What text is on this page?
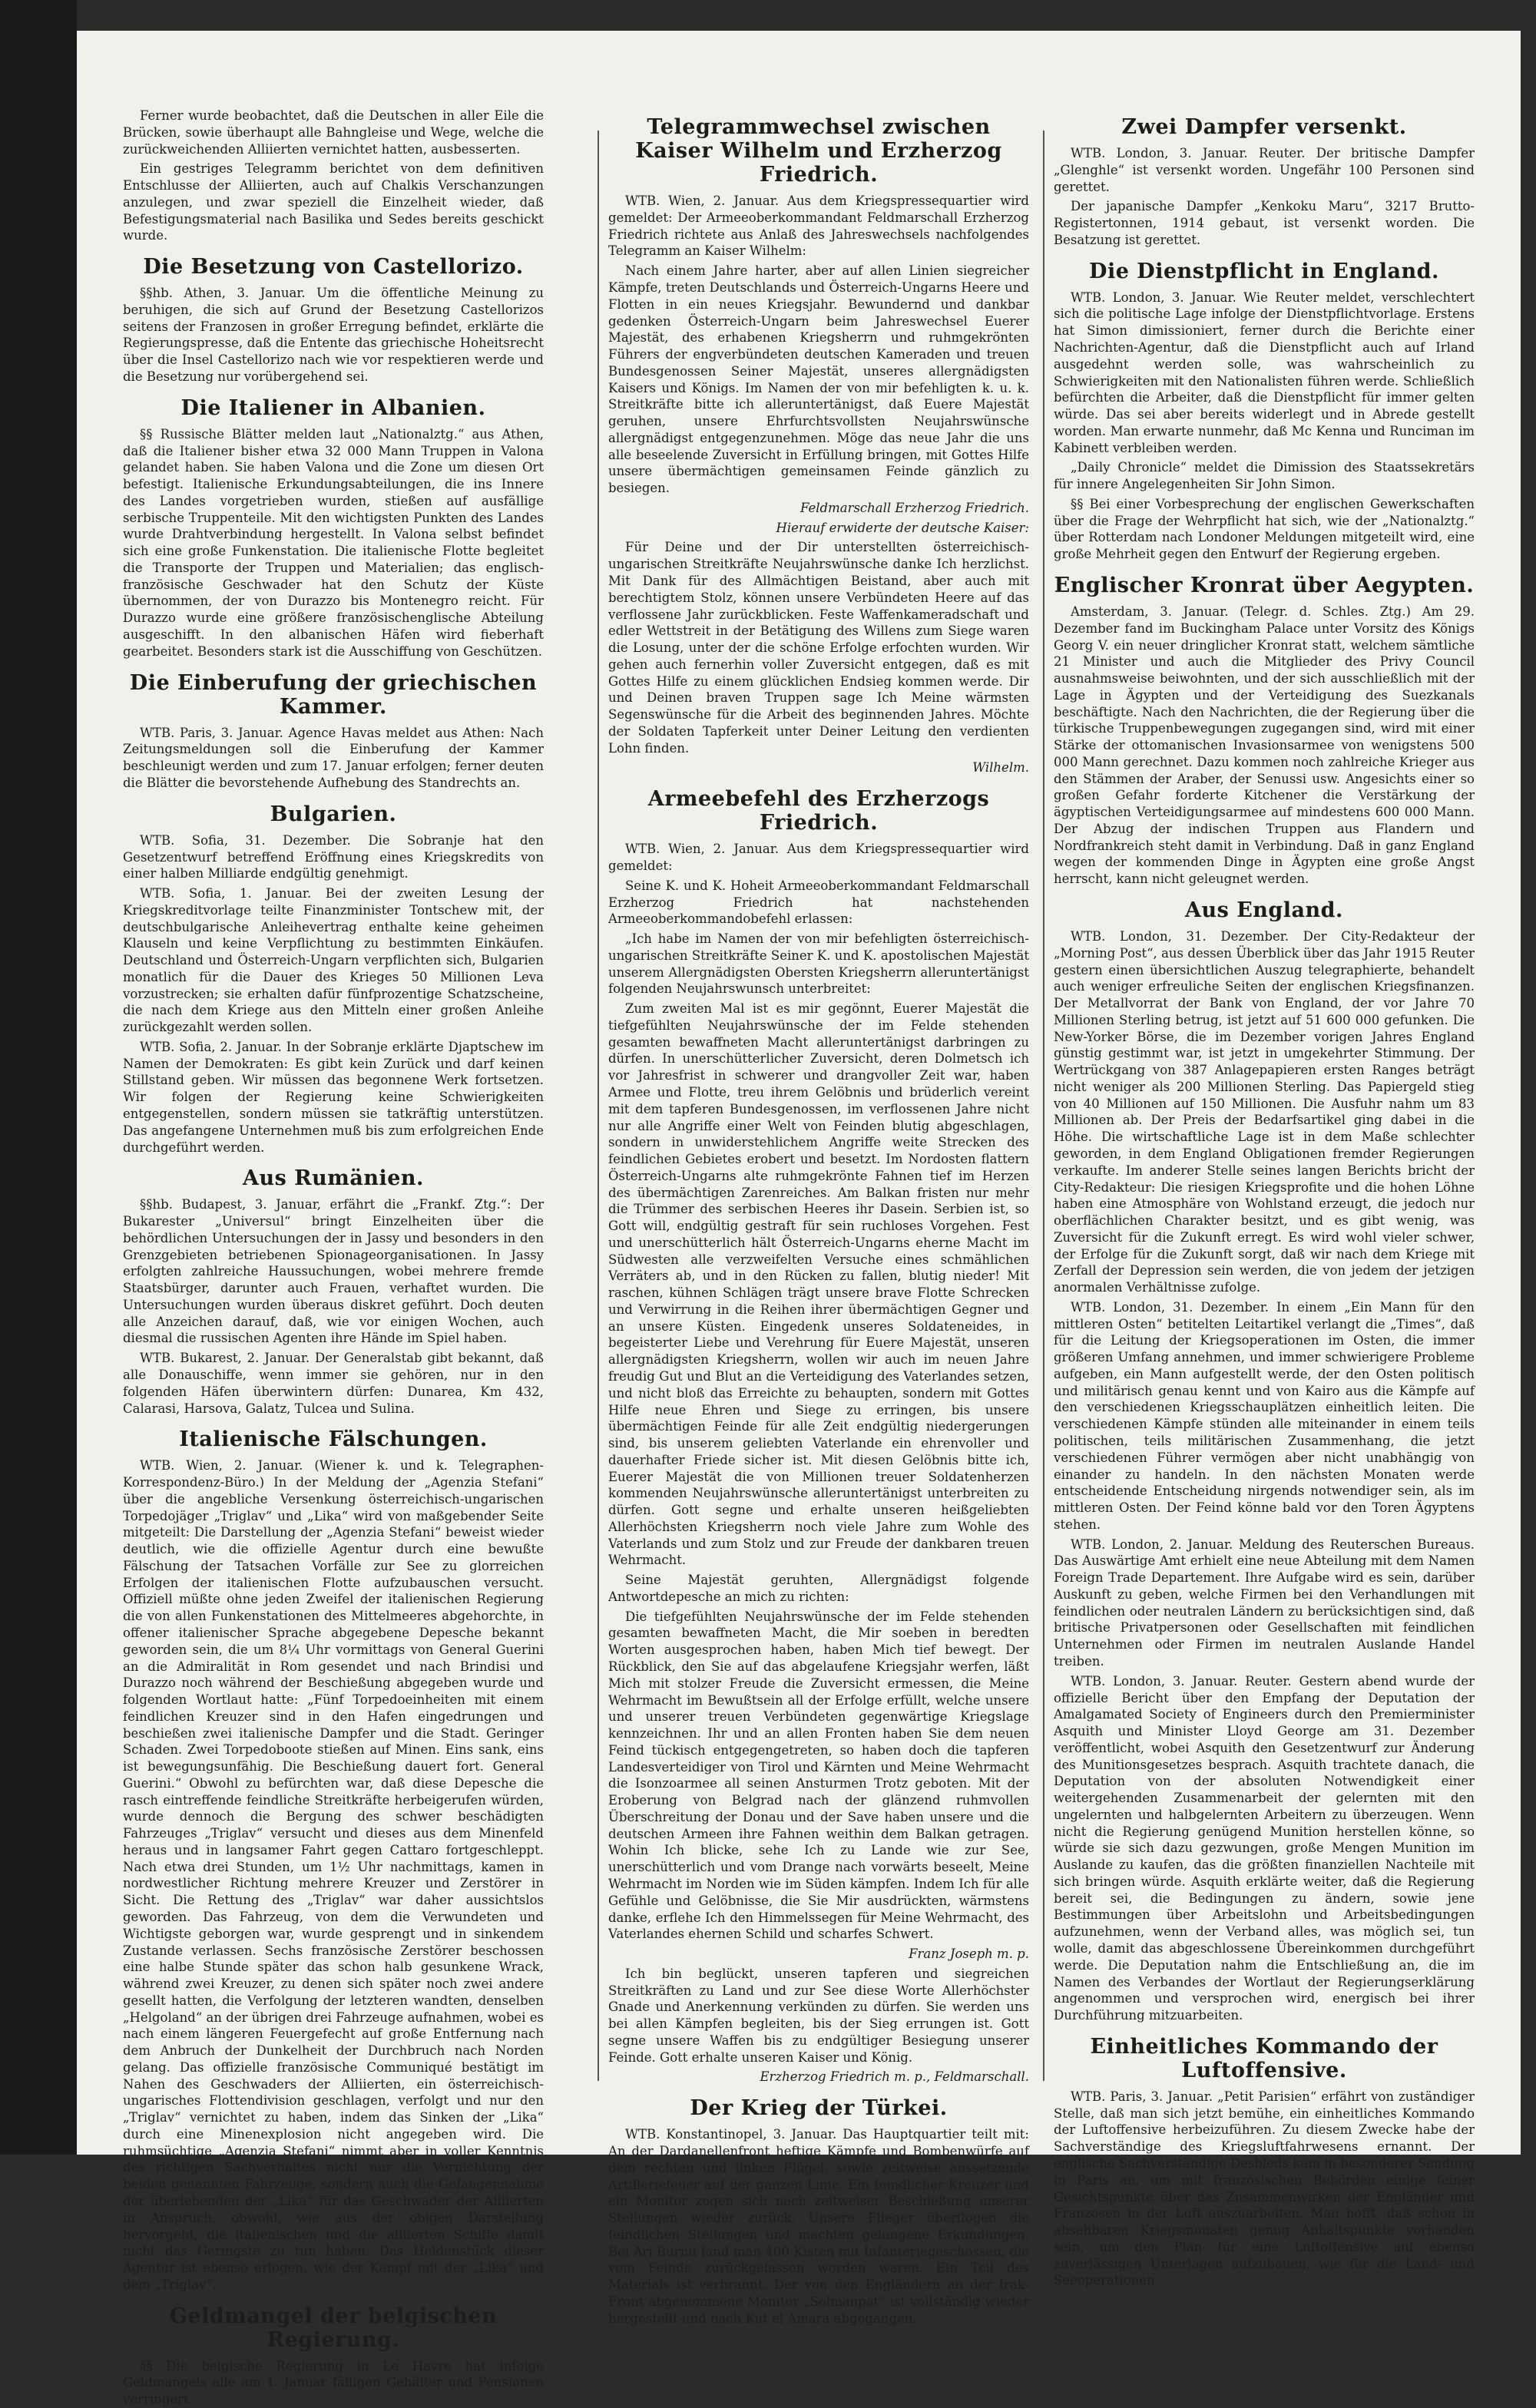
Ferner wurde beobachtet, daß die Deutschen in aller Eile die Brücken, sowie überhaupt alle Bahngleise und Wege, welche die zurückweichenden Alliierten vernichtet hatten, ausbesserten.

Ein gestriges Telegramm berichtet von dem definitiven Entschlusse der Alliierten, auch auf Chalkis Verschanzungen anzulegen, und zwar speziell die Einzelheit wieder, daß Befestigungsmaterial nach Basilika und Sedes bereits geschickt wurde.

Die Besetzung von Castellorizo.

§§hb. Athen, 3. Januar. Um die öffentliche Meinung zu beruhigen, die sich auf Grund der Besetzung Castellorizos seitens der Franzosen in großer Erregung befindet, erklärte die Regierungspresse, daß die Entente das griechische Hoheitsrecht über die Insel Castellorizo nach wie vor respektieren werde und die Besetzung nur vorübergehend sei.

Die Italiener in Albanien.

§§ Russische Blätter melden laut „Nationalztg.“ aus Athen, daß die Italiener bisher etwa 32 000 Mann Truppen in Valona gelandet haben. Sie haben Valona und die Zone um diesen Ort befestigt. Italienische Erkundungsabteilungen, die ins Innere des Landes vorgetrieben wurden, stießen auf ausfällige serbische Truppenteile. Mit den wichtigsten Punkten des Landes wurde Drahtverbindung hergestellt. In Valona selbst befindet sich eine große Funkenstation. Die italienische Flotte begleitet die Transporte der Truppen und Materialien; das englisch-französische Geschwader hat den Schutz der Küste übernommen, der von Durazzo bis Montenegro reicht. Für Durazzo wurde eine größere französischenglische Abteilung ausgeschifft. In den albanischen Häfen wird fieberhaft gearbeitet. Besonders stark ist die Ausschiffung von Geschützen.

Die Einberufung der griechischen Kammer.

WTB. Paris, 3. Januar. Agence Havas meldet aus Athen: Nach Zeitungsmeldungen soll die Einberufung der Kammer beschleunigt werden und zum 17. Januar erfolgen; ferner deuten die Blätter die bevorstehende Aufhebung des Standrechts an.

Bulgarien.

WTB. Sofia, 31. Dezember. Die Sobranje hat den Gesetzentwurf betreffend Eröffnung eines Kriegskredits von einer halben Milliarde endgültig genehmigt.

WTB. Sofia, 1. Januar. Bei der zweiten Lesung der Kriegskreditvorlage teilte Finanzminister Tontschew mit, der deutschbulgarische Anleihevertrag enthalte keine geheimen Klauseln und keine Verpflichtung zu bestimmten Einkäufen. Deutschland und Österreich-Ungarn verpflichten sich, Bulgarien monatlich für die Dauer des Krieges 50 Millionen Leva vorzustrecken; sie erhalten dafür fünfprozentige Schatzscheine, die nach dem Kriege aus den Mitteln einer großen Anleihe zurückgezahlt werden sollen.

WTB. Sofia, 2. Januar. In der Sobranje erklärte Djaptschew im Namen der Demokraten: Es gibt kein Zurück und darf keinen Stillstand geben. Wir müssen das begonnene Werk fortsetzen. Wir folgen der Regierung keine Schwierigkeiten entgegenstellen, sondern müssen sie tatkräftig unterstützen. Das angefangene Unternehmen muß bis zum erfolgreichen Ende durchgeführt werden.

Aus Rumänien.

§§hb. Budapest, 3. Januar, erfährt die „Frankf. Ztg.“: Der Bukarester „Universul“ bringt Einzelheiten über die behördlichen Untersuchungen der in Jassy und besonders in den Grenzgebieten betriebenen Spionageorganisationen. In Jassy erfolgten zahlreiche Haussuchungen, wobei mehrere fremde Staatsbürger, darunter auch Frauen, verhaftet wurden. Die Untersuchungen wurden überaus diskret geführt. Doch deuten alle Anzeichen darauf, daß, wie vor einigen Wochen, auch diesmal die russischen Agenten ihre Hände im Spiel haben.

WTB. Bukarest, 2. Januar. Der Generalstab gibt bekannt, daß alle Donauschiffe, wenn immer sie gehören, nur in den folgenden Häfen überwintern dürfen: Dunarea, Km 432, Calarasi, Harsova, Galatz, Tulcea und Sulina.

Italienische Fälschungen.

WTB. Wien, 2. Januar. (Wiener k. und k. Telegraphen-Korrespondenz-Büro.) In der Meldung der „Agenzia Stefani“ über die angebliche Versenkung österreichisch-ungarischen Torpedojäger „Triglav“ und „Lika“ wird von maßgebender Seite mitgeteilt: Die Darstellung der „Agenzia Stefani“ beweist wieder deutlich, wie die offizielle Agentur durch eine bewußte Fälschung der Tatsachen Vorfälle zur See zu glorreichen Erfolgen der italienischen Flotte aufzubauschen versucht. Offiziell müßte ohne jeden Zweifel der italienischen Regierung die von allen Funkenstationen des Mittelmeeres abgehorchte, in offener italienischer Sprache abgegebene Depesche bekannt geworden sein, die um 8¼ Uhr vormittags von General Guerini an die Admiralität in Rom gesendet und nach Brindisi und Durazzo noch während der Beschießung abgegeben wurde und folgenden Wortlaut hatte: „Fünf Torpedoeinheiten mit einem feindlichen Kreuzer sind in den Hafen eingedrungen und beschießen zwei italienische Dampfer und die Stadt. Geringer Schaden. Zwei Torpedoboote stießen auf Minen. Eins sank, eins ist bewegungsunfähig. Die Beschießung dauert fort. General Guerini.“ Obwohl zu befürchten war, daß diese Depesche die rasch eintreffende feindliche Streitkräfte herbeigerufen würden, wurde dennoch die Bergung des schwer beschädigten Fahrzeuges „Triglav“ versucht und dieses aus dem Minenfeld heraus und in langsamer Fahrt gegen Cattaro fortgeschleppt. Nach etwa drei Stunden, um 1½ Uhr nachmittags, kamen in nordwestlicher Richtung mehrere Kreuzer und Zerstörer in Sicht. Die Rettung des „Triglav“ war daher aussichtslos geworden. Das Fahrzeug, von dem die Verwundeten und Wichtigste geborgen war, wurde gesprengt und in sinkendem Zustande verlassen. Sechs französische Zerstörer beschossen eine halbe Stunde später das schon halb gesunkene Wrack, während zwei Kreuzer, zu denen sich später noch zwei andere gesellt hatten, die Verfolgung der letzteren wandten, denselben „Helgoland“ an der übrigen drei Fahrzeuge aufnahmen, wobei es nach einem längeren Feuergefecht auf große Entfernung nach dem Anbruch der Dunkelheit der Durchbruch nach Norden gelang. Das offizielle französische Communiqué bestätigt im Nahen des Geschwaders der Alliierten, ein österreichisch-ungarisches Flottendivision geschlagen, verfolgt und nur den „Triglav“ vernichtet zu haben, indem das Sinken der „Lika“ durch eine Minenexplosion nicht angegeben wird. Die ruhmsüchtige „Agenzia Stefani“ nimmt aber in voller Kenntnis des richtigen Sachverhaltes nicht nur die Vernichtung der beiden genannten Fahrzeuge, sondern auch die Gefangennahme der überlebenden der „Lika“ für das Geschwader der Alliierten in Anspruch, obwohl, wie aus der obigen Darstellung hervorgeht, die italienischen und die alliierten Schiffe damit nicht das Geringste zu tun haben. Das Heldenstück dieser Agentur ist ebenso erlogen, wie der Kampf mit der „Lika“ und dem „Triglav“.

Geldmangel der belgischen Regierung.

§§ Die belgische Regierung in Le Havre hat infolge Geldmangels alle am 1. Januar fälligen Gehälter und Pensionen verringert.

Telegrammwechsel zwischen Kaiser Wilhelm und Erzherzog Friedrich.

WTB. Wien, 2. Januar. Aus dem Kriegspressequartier wird gemeldet: Der Armeeoberkommandant Feldmarschall Erzherzog Friedrich richtete aus Anlaß des Jahreswechsels nachfolgendes Telegramm an Kaiser Wilhelm:

Nach einem Jahre harter, aber auf allen Linien siegreicher Kämpfe, treten Deutschlands und Österreich-Ungarns Heere und Flotten in ein neues Kriegsjahr. Bewundernd und dankbar gedenken Österreich-Ungarn beim Jahreswechsel Euerer Majestät, des erhabenen Kriegsherrn und ruhmgekrönten Führers der engverbündeten deutschen Kameraden und treuen Bundesgenossen Seiner Majestät, unseres allergnädigsten Kaisers und Königs. Im Namen der von mir befehligten k. u. k. Streitkräfte bitte ich alleruntertänigst, daß Euere Majestät geruhen, unsere Ehrfurchtsvollsten Neujahrswünsche allergnädigst entgegenzunehmen. Möge das neue Jahr die uns alle beseelende Zuversicht in Erfüllung bringen, mit Gottes Hilfe unsere übermächtigen gemeinsamen Feinde gänzlich zu besiegen.

Feldmarschall Erzherzog Friedrich.

Hierauf erwiderte der deutsche Kaiser:

Für Deine und der Dir unterstellten österreichisch-ungarischen Streitkräfte Neujahrswünsche danke Ich herzlichst. Mit Dank für des Allmächtigen Beistand, aber auch mit berechtigtem Stolz, können unsere Verbündeten Heere auf das verflossene Jahr zurückblicken. Feste Waffenkameradschaft und edler Wettstreit in der Betätigung des Willens zum Siege waren die Losung, unter der die schöne Erfolge erfochten wurden. Wir gehen auch fernerhin voller Zuversicht entgegen, daß es mit Gottes Hilfe zu einem glücklichen Endsieg kommen werde. Dir und Deinen braven Truppen sage Ich Meine wärmsten Segenswünsche für die Arbeit des beginnenden Jahres. Möchte der Soldaten Tapferkeit unter Deiner Leitung den verdienten Lohn finden.

Wilhelm.

Armeebefehl des Erzherzogs Friedrich.

WTB. Wien, 2. Januar. Aus dem Kriegspressequartier wird gemeldet:

Seine K. und K. Hoheit Armeeoberkommandant Feldmarschall Erzherzog Friedrich hat nachstehenden Armeeoberkommandobefehl erlassen:

„Ich habe im Namen der von mir befehligten österreichisch-ungarischen Streitkräfte Seiner K. und K. apostolischen Majestät unserem Allergnädigsten Obersten Kriegsherrn alleruntertänigst folgenden Neujahrswunsch unterbreitet:

Zum zweiten Mal ist es mir gegönnt, Euerer Majestät die tiefgefühlten Neujahrswünsche der im Felde stehenden gesamten bewaffneten Macht alleruntertänigst darbringen zu dürfen. In unerschütterlicher Zuversicht, deren Dolmetsch ich vor Jahresfrist in schwerer und drangvoller Zeit war, haben Armee und Flotte, treu ihrem Gelöbnis und brüderlich vereint mit dem tapferen Bundesgenossen, im verflossenen Jahre nicht nur alle Angriffe einer Welt von Feinden blutig abgeschlagen, sondern in unwiderstehlichem Angriffe weite Strecken des feindlichen Gebietes erobert und besetzt. Im Nordosten flattern Österreich-Ungarns alte ruhmgekrönte Fahnen tief im Herzen des übermächtigen Zarenreiches. Am Balkan fristen nur mehr die Trümmer des serbischen Heeres ihr Dasein. Serbien ist, so Gott will, endgültig gestraft für sein ruchloses Vorgehen. Fest und unerschütterlich hält Österreich-Ungarns eherne Macht im Südwesten alle verzweifelten Versuche eines schmählichen Verräters ab, und in den Rücken zu fallen, blutig nieder! Mit raschen, kühnen Schlägen trägt unsere brave Flotte Schrecken und Verwirrung in die Reihen ihrer übermächtigen Gegner und an unsere Küsten. Eingedenk unseres Soldateneides, in begeisterter Liebe und Verehrung für Euere Majestät, unseren allergnädigsten Kriegsherrn, wollen wir auch im neuen Jahre freudig Gut und Blut an die Verteidigung des Vaterlandes setzen, und nicht bloß das Erreichte zu behaupten, sondern mit Gottes Hilfe neue Ehren und Siege zu erringen, bis unsere übermächtigen Feinde für alle Zeit endgültig niedergerungen sind, bis unserem geliebten Vaterlande ein ehrenvoller und dauerhafter Friede sicher ist. Mit diesen Gelöbnis bitte ich, Euerer Majestät die von Millionen treuer Soldatenherzen kommenden Neujahrswünsche alleruntertänigst unterbreiten zu dürfen. Gott segne und erhalte unseren heißgeliebten Allerhöchsten Kriegsherrn noch viele Jahre zum Wohle des Vaterlands und zum Stolz und zur Freude der dankbaren treuen Wehrmacht.

Seine Majestät geruhten, Allergnädigst folgende Antwortdepesche an mich zu richten:

Die tiefgefühlten Neujahrswünsche der im Felde stehenden gesamten bewaffneten Macht, die Mir soeben in beredten Worten ausgesprochen haben, haben Mich tief bewegt. Der Rückblick, den Sie auf das abgelaufene Kriegsjahr werfen, läßt Mich mit stolzer Freude die Zuversicht ermessen, die Meine Wehrmacht im Bewußtsein all der Erfolge erfüllt, welche unsere und unserer treuen Verbündeten gegenwärtige Kriegslage kennzeichnen. Ihr und an allen Fronten haben Sie dem neuen Feind tückisch entgegengetreten, so haben doch die tapferen Landesverteidiger von Tirol und Kärnten und Meine Wehrmacht die Isonzoarmee all seinen Ansturmen Trotz geboten. Mit der Eroberung von Belgrad nach der glänzend ruhmvollen Überschreitung der Donau und der Save haben unsere und die deutschen Armeen ihre Fahnen weithin dem Balkan getragen. Wohin Ich blicke, sehe Ich zu Lande wie zur See, unerschütterlich und vom Drange nach vorwärts beseelt, Meine Wehrmacht im Norden wie im Süden kämpfen. Indem Ich für alle Gefühle und Gelöbnisse, die Sie Mir ausdrückten, wärmstens danke, erflehe Ich den Himmelssegen für Meine Wehrmacht, des Vaterlandes ehernen Schild und scharfes Schwert.

Franz Joseph m. p.

Ich bin beglückt, unseren tapferen und siegreichen Streitkräften zu Land und zur See diese Worte Allerhöchster Gnade und Anerkennung verkünden zu dürfen. Sie werden uns bei allen Kämpfen begleiten, bis der Sieg errungen ist. Gott segne unsere Waffen bis zu endgültiger Besiegung unserer Feinde. Gott erhalte unseren Kaiser und König.

Erzherzog Friedrich m. p., Feldmarschall.

Der Krieg der Türkei.

WTB. Konstantinopel, 3. Januar. Das Hauptquartier teilt mit: An der Dardanellenfront heftige Kämpfe und Bombenwürfe auf dem rechten und linken Flügel, sowie zeitweise aussetzende Artilleriefeuer auf der ganzen Linie. Ein feindlicher Kreuzer und ein Monitor zogen sich nach zeitweiser Beschießung unserer Stellungen wieder zurück. Unsere Flieger überflogen die feindlichen Stellungen und machten gelungene Erkundungen. Bei Ari Burnu fand man 400 Kisten mit Infanteriegeschossen, die vom Feinde zurückgelassen worden waren. Ein Teil des Materials ist verbrannt. Der von den Engländern an der Irak-Front abgenommene Monitor „Solmanpat“ ist vollständig wieder hergestellt und nach Kut el Amara abgegangen.

Zwei Dampfer versenkt.

WTB. London, 3. Januar. Reuter. Der britische Dampfer „Glenghle“ ist versenkt worden. Ungefähr 100 Personen sind gerettet.

Der japanische Dampfer „Kenkoku Maru“, 3217 Brutto-Registertonnen, 1914 gebaut, ist versenkt worden. Die Besatzung ist gerettet.

Die Dienstpflicht in England.

WTB. London, 3. Januar. Wie Reuter meldet, verschlechtert sich die politische Lage infolge der Dienstpflichtvorlage. Erstens hat Simon dimissioniert, ferner durch die Berichte einer Nachrichten-Agentur, daß die Dienstpflicht auch auf Irland ausgedehnt werden solle, was wahrscheinlich zu Schwierigkeiten mit den Nationalisten führen werde. Schließlich befürchten die Arbeiter, daß die Dienstpflicht für immer gelten würde. Das sei aber bereits widerlegt und in Abrede gestellt worden. Man erwarte nunmehr, daß Mc Kenna und Runciman im Kabinett verbleiben werden.

„Daily Chronicle“ meldet die Dimission des Staatssekretärs für innere Angelegenheiten Sir John Simon.

§§ Bei einer Vorbesprechung der englischen Gewerkschaften über die Frage der Wehrpflicht hat sich, wie der „Nationalztg.“ über Rotterdam nach Londoner Meldungen mitgeteilt wird, eine große Mehrheit gegen den Entwurf der Regierung ergeben.

Englischer Kronrat über Aegypten.

Amsterdam, 3. Januar. (Telegr. d. Schles. Ztg.) Am 29. Dezember fand im Buckingham Palace unter Vorsitz des Königs Georg V. ein neuer dringlicher Kronrat statt, welchem sämtliche 21 Minister und auch die Mitglieder des Privy Council ausnahmsweise beiwohnten, und der sich ausschließlich mit der Lage in Ägypten und der Verteidigung des Suezkanals beschäftigte. Nach den Nachrichten, die der Regierung über die türkische Truppenbewegungen zugegangen sind, wird mit einer Stärke der ottomanischen Invasionsarmee von wenigstens 500 000 Mann gerechnet. Dazu kommen noch zahlreiche Krieger aus den Stämmen der Araber, der Senussi usw. Angesichts einer so großen Gefahr forderte Kitchener die Verstärkung der ägyptischen Verteidigungsarmee auf mindestens 600 000 Mann. Der Abzug der indischen Truppen aus Flandern und Nordfrankreich steht damit in Verbindung. Daß in ganz England wegen der kommenden Dinge in Ägypten eine große Angst herrscht, kann nicht geleugnet werden.

Aus England.

WTB. London, 31. Dezember. Der City-Redakteur der „Morning Post“, aus dessen Überblick über das Jahr 1915 Reuter gestern einen übersichtlichen Auszug telegraphierte, behandelt auch weniger erfreuliche Seiten der englischen Kriegsfinanzen. Der Metallvorrat der Bank von England, der vor Jahre 70 Millionen Sterling betrug, ist jetzt auf 51 600 000 gefunken. Die New-Yorker Börse, die im Dezember vorigen Jahres England günstig gestimmt war, ist jetzt in umgekehrter Stimmung. Der Wertrückgang von 387 Anlagepapieren ersten Ranges beträgt nicht weniger als 200 Millionen Sterling. Das Papiergeld stieg von 40 Millionen auf 150 Millionen. Die Ausfuhr nahm um 83 Millionen ab. Der Preis der Bedarfsartikel ging dabei in die Höhe. Die wirtschaftliche Lage ist in dem Maße schlechter geworden, in dem England Obligationen fremder Regierungen verkaufte. Im anderer Stelle seines langen Berichts bricht der City-Redakteur: Die riesigen Kriegsprofite und die hohen Löhne haben eine Atmosphäre von Wohlstand erzeugt, die jedoch nur oberflächlichen Charakter besitzt, und es gibt wenig, was Zuversicht für die Zukunft erregt. Es wird wohl vieler schwer, der Erfolge für die Zukunft sorgt, daß wir nach dem Kriege mit Zerfall der Depression sein werden, die von jedem der jetzigen anormalen Verhältnisse zufolge.

WTB. London, 31. Dezember. In einem „Ein Mann für den mittleren Osten“ betitelten Leitartikel verlangt die „Times“, daß für die Leitung der Kriegsoperationen im Osten, die immer größeren Umfang annehmen, und immer schwierigere Probleme aufgeben, ein Mann aufgestellt werde, der den Osten politisch und militärisch genau kennt und von Kairo aus die Kämpfe auf den verschiedenen Kriegsschauplätzen einheitlich leiten. Die verschiedenen Kämpfe stünden alle miteinander in einem teils politischen, teils militärischen Zusammenhang, die jetzt verschiedenen Führer vermögen aber nicht unabhängig von einander zu handeln. In den nächsten Monaten werde entscheidende Entscheidung nirgends notwendiger sein, als im mittleren Osten. Der Feind könne bald vor den Toren Ägyptens stehen.

WTB. London, 2. Januar. Meldung des Reuterschen Bureaus. Das Auswärtige Amt erhielt eine neue Abteilung mit dem Namen Foreign Trade Departement. Ihre Aufgabe wird es sein, darüber Auskunft zu geben, welche Firmen bei den Verhandlungen mit feindlichen oder neutralen Ländern zu berücksichtigen sind, daß britische Privatpersonen oder Gesellschaften mit feindlichen Unternehmen oder Firmen im neutralen Auslande Handel treiben.

WTB. London, 3. Januar. Reuter. Gestern abend wurde der offizielle Bericht über den Empfang der Deputation der Amalgamated Society of Engineers durch den Premierminister Asquith und Minister Lloyd George am 31. Dezember veröffentlicht, wobei Asquith den Gesetzentwurf zur Änderung des Munitionsgesetzes besprach. Asquith trachtete danach, die Deputation von der absoluten Notwendigkeit einer weitergehenden Zusammenarbeit der gelernten mit den ungelernten und halbgelernten Arbeitern zu überzeugen. Wenn nicht die Regierung genügend Munition herstellen könne, so würde sie sich dazu gezwungen, große Mengen Munition im Auslande zu kaufen, das die größten finanziellen Nachteile mit sich bringen würde. Asquith erklärte weiter, daß die Regierung bereit sei, die Bedingungen zu ändern, sowie jene Bestimmungen über Arbeitslohn und Arbeitsbedingungen aufzunehmen, wenn der Verband alles, was möglich sei, tun wolle, damit das abgeschlossene Übereinkommen durchgeführt werde. Die Deputation nahm die Entschließung an, die im Namen des Verbandes der Wortlaut der Regierungserklärung angenommen und versprochen wird, energisch bei ihrer Durchführung mitzuarbeiten.

Einheitliches Kommando der Luftoffensive.

WTB. Paris, 3. Januar. „Petit Parisien“ erfährt von zuständiger Stelle, daß man sich jetzt bemühe, ein einheitliches Kommando der Luftoffensive herbeizuführen. Zu diesem Zwecke habe der Sachverständige des Kriegsluftfahrwesens ernannt. Der englische Sachverständige Desbleds kam in besonderer Sendung in Paris an, um mit französischen Behörden einige feiner Gesichtspunkte über das Zusammenwirken der Engländer und Franzosen in der Luft auszuarbeiten. Man hofft, daß schon in absehbaren Kriegsmonaten genug Anhaltspunkte vorhanden sein, um den Plan für eine Luftoffensive auf ebenso zuverlässigen Unterlagen aufzubauen, wie für die Land- und Seeoperationen.
